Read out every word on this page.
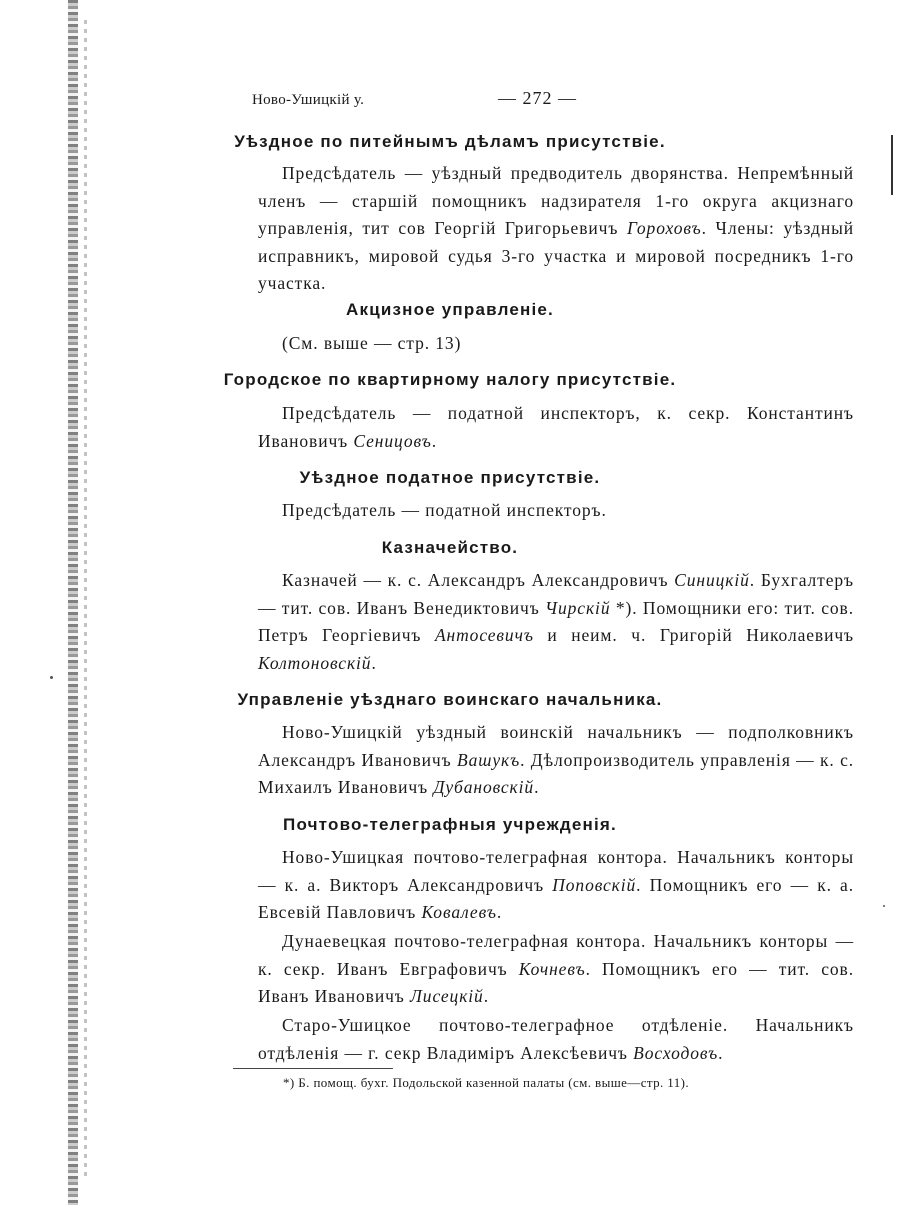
Ново-Ушицкій у.	— 272 —
Уѣздное по питейнымъ дѣламъ присутствіе.
Предсѣдатель — уѣздный предводитель дворянства. Непремѣнный членъ — старшій помощникъ надзирателя 1-го округа акцизнаго управленія, тит сов Георгій Григорьевичъ Гороховъ. Члены: уѣздный исправникъ, мировой судья 3-го участка и мировой посредникъ 1-го участка.
Акцизное управленіе.
(См. выше — стр. 13)
Городское по квартирному налогу присутствіе.
Предсѣдатель — податной инспекторъ, к. секр. Константинъ Ивановичъ Сеницовъ.
Уѣздное податное присутствіе.
Предсѣдатель — податной инспекторъ.
Казначейство.
Казначей — к. с. Александръ Александровичъ Синицкій. Бухгалтеръ — тит. сов. Иванъ Венедиктовичъ Чирскій *). Помощники его: тит. сов. Петръ Георгіевичъ Антосевичъ и неим. ч. Григорій Николаевичъ Колтоновскій.
Управленіе уѣзднаго воинскаго начальника.
Ново-Ушицкій уѣздный воинскій начальникъ — подполковникъ Александръ Ивановичъ Вашукъ. Дѣлопроизводитель управленія — к. с. Михаилъ Ивановичъ Дубановскій.
Почтово-телеграфныя учрежденія.
Ново-Ушицкая почтово-телеграфная контора. Начальникъ конторы — к. а. Викторъ Александровичъ Поповскій. Помощникъ его — к. а. Евсевій Павловичъ Ковалевъ.
Дунаевецкая почтово-телеграфная контора. Начальникъ конторы — к. секр. Иванъ Евграфовичъ Кочневъ. Помощникъ его — тит. сов. Иванъ Ивановичъ Лисецкій.
Старо-Ушицкое почтово-телеграфное отдѣленіе. Начальникъ отдѣленія — г. секр Владиміръ Алексѣевичъ Восходовъ.
*) Б. помощ. бухг. Подольской казенной палаты (см. выше—стр. 11).
